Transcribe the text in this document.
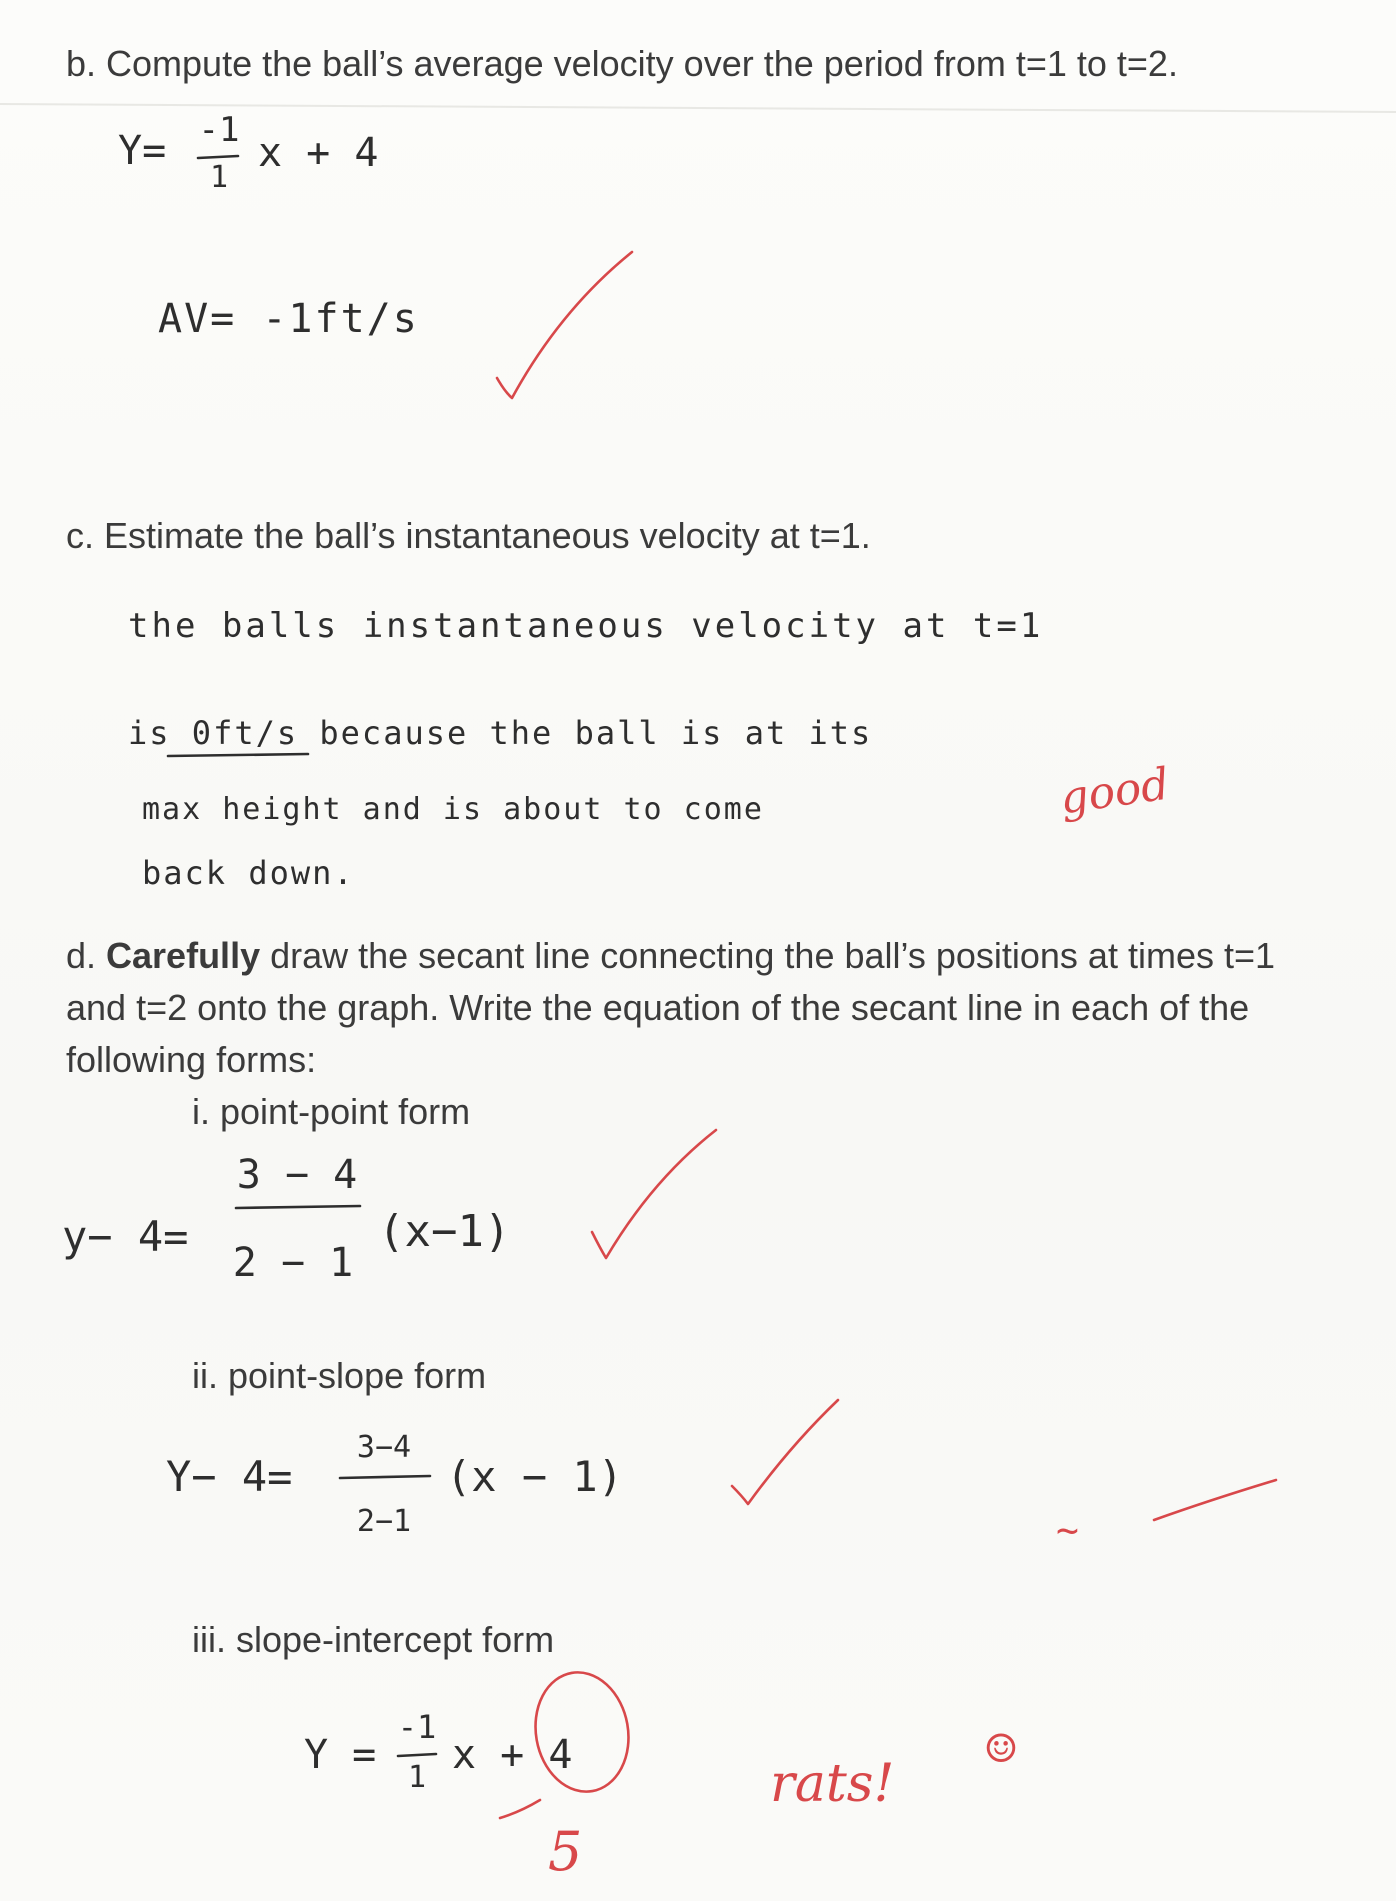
b. Compute the ball’s average velocity over the period from t=1 to t=2.
Y= -1
1
x + 4
AV= -1ft/s
c. Estimate the ball’s instantaneous velocity at t=1.
the balls instantaneous velocity at t=1
is 0ft/s because the ball is at its
max height and is about to come
back down.
good
d. Carefully draw the secant line connecting the ball’s positions at times t=1
and t=2 onto the graph. Write the equation of the secant line in each of the
following forms:
i. point-point form
y− 4=
3 − 4
2 − 1
(x−1)
ii. point-slope form
Y− 4=
3−4
2−1
(x − 1)
iii. slope-intercept form
Y =
-1
1 x + 4	rats!
☺
5
~
